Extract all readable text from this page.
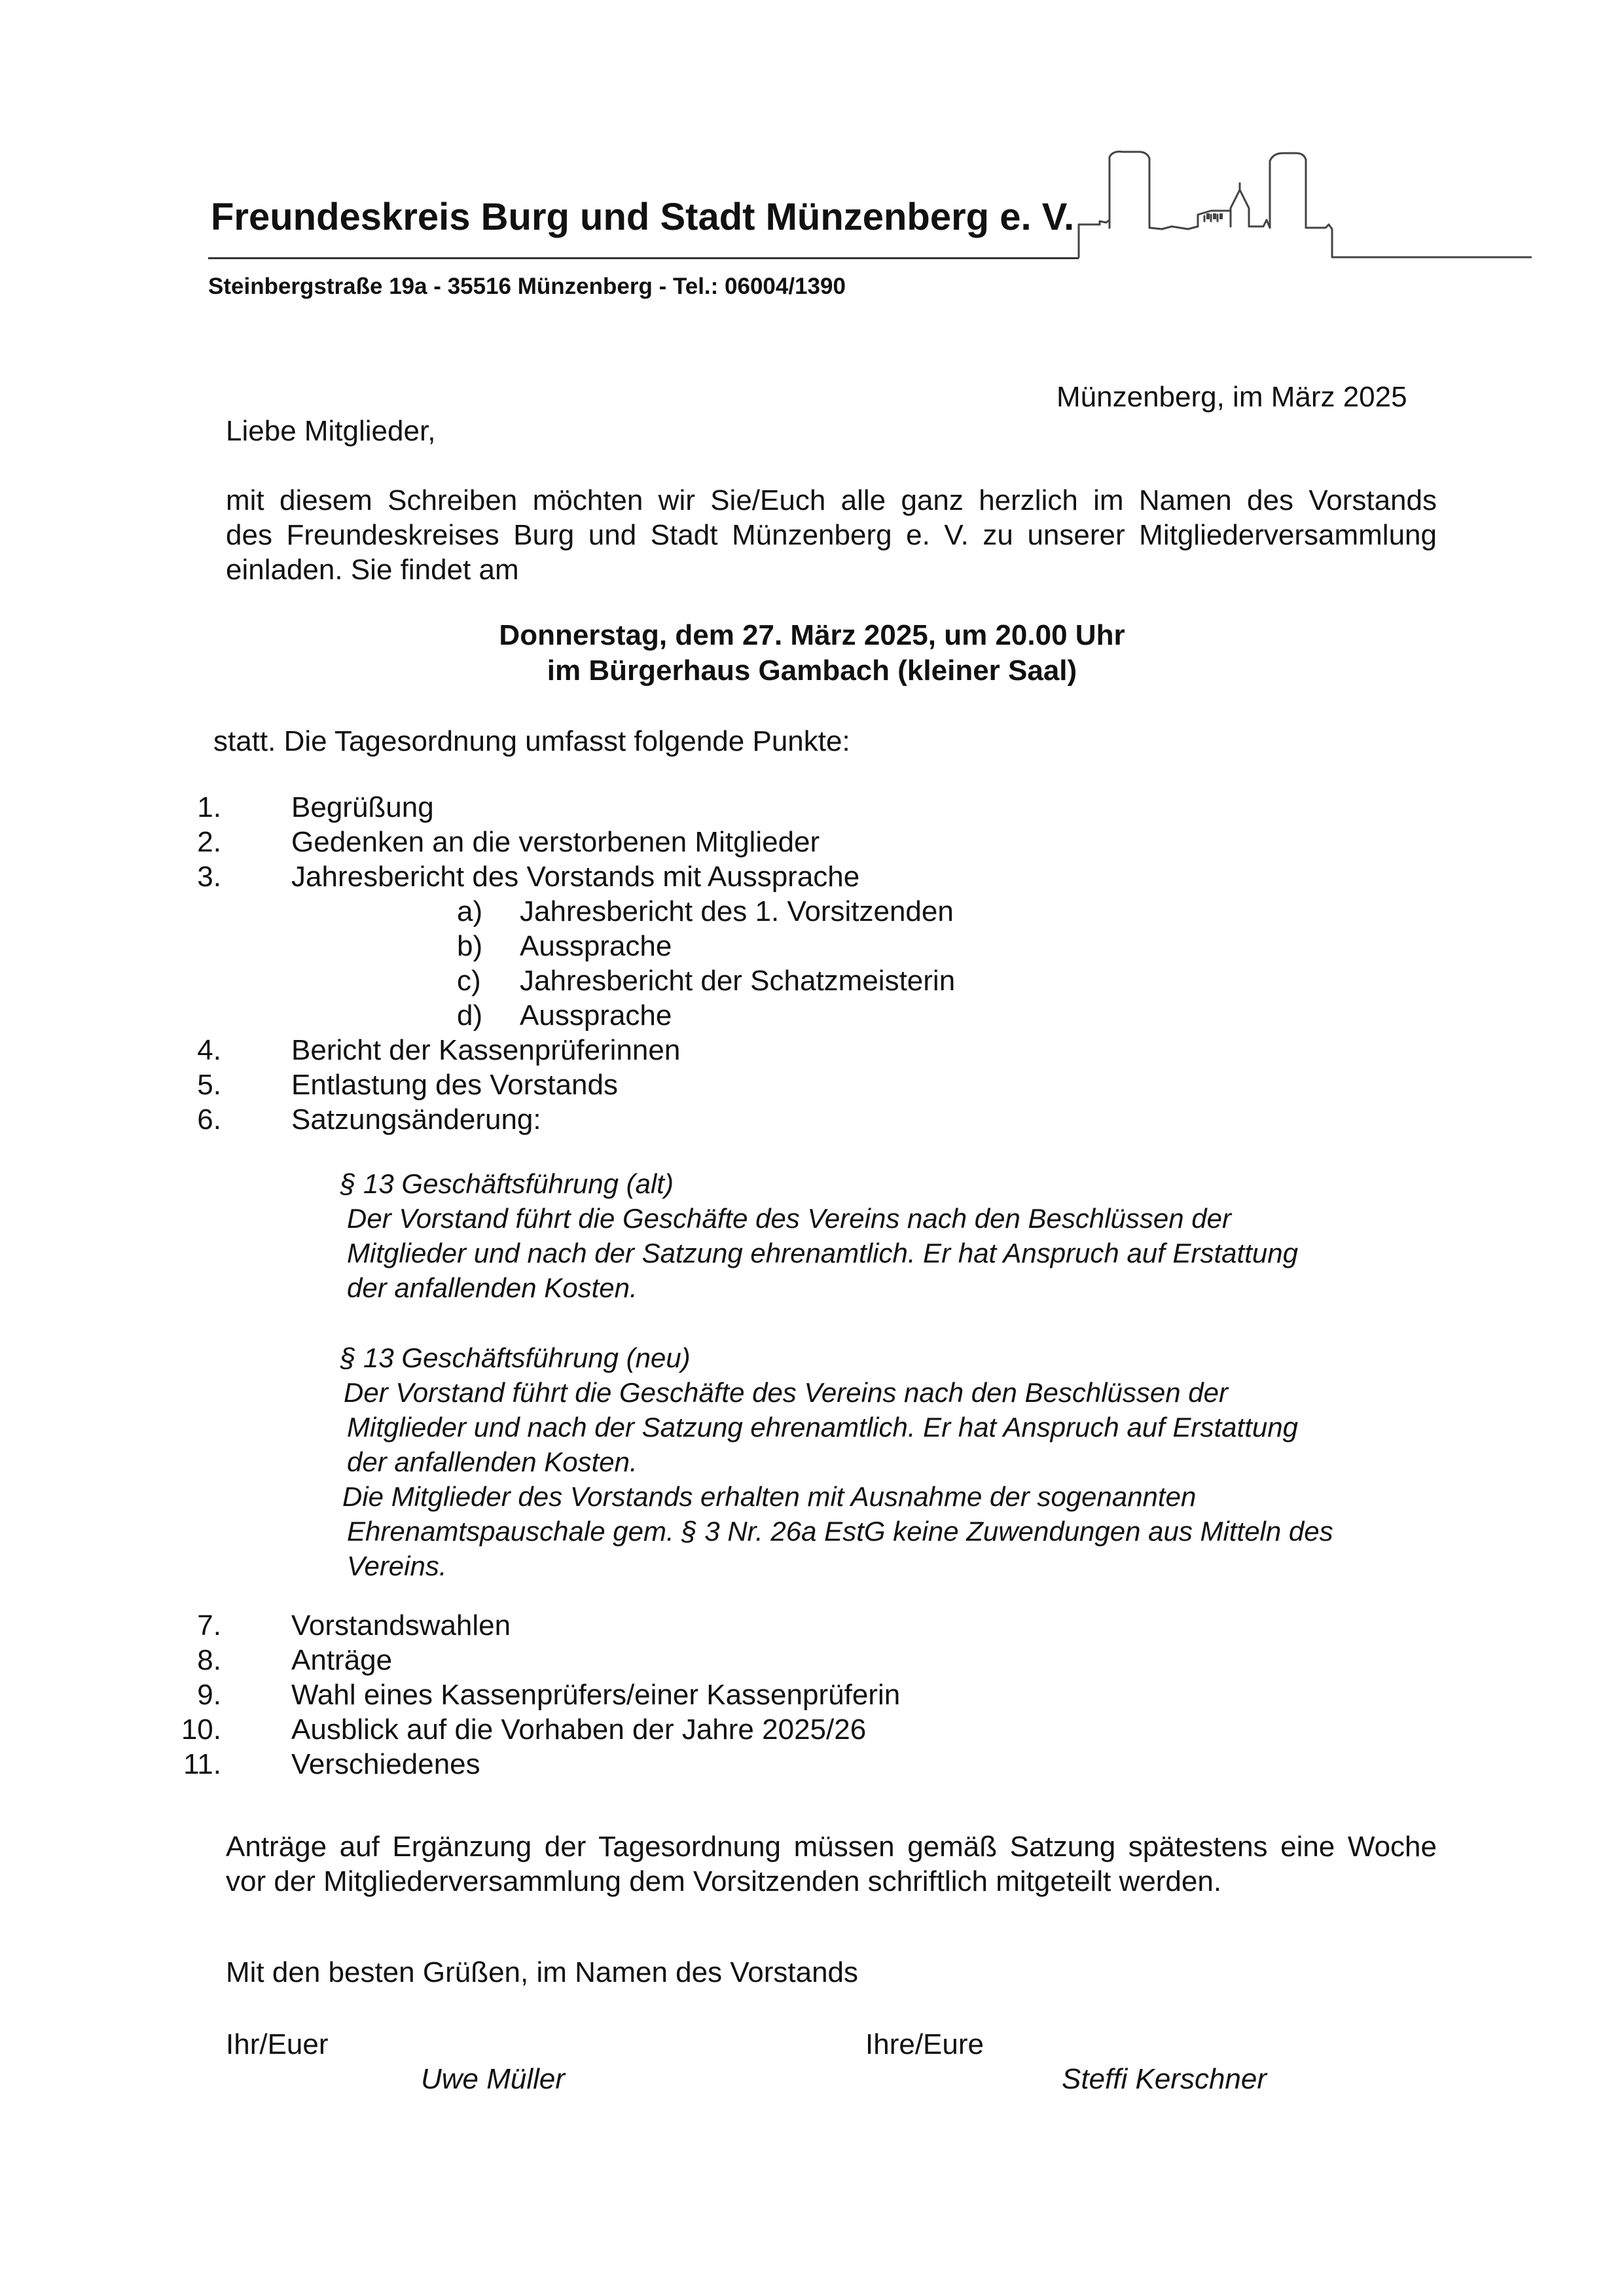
Freundeskreis Burg und Stadt Münzenberg e. V.
Steinbergstraße 19a - 35516 Münzenberg - Tel.: 06004/1390
Münzenberg, im März 2025
Liebe Mitglieder,
mit diesem Schreiben möchten wir Sie/Euch alle ganz herzlich im Namen des Vorstands
des Freundeskreises Burg und Stadt Münzenberg e. V. zu unserer Mitgliederversammlung
einladen. Sie findet am
Donnerstag, dem 27. März 2025, um 20.00 Uhr
im Bürgerhaus Gambach (kleiner Saal)
statt. Die Tagesordnung umfasst folgende Punkte:
1. Begrüßung
2. Gedenken an die verstorbenen Mitglieder
3. Jahresbericht des Vorstands mit Aussprache
a) Jahresbericht des 1. Vorsitzenden
b) Aussprache
c) Jahresbericht der Schatzmeisterin
d) Aussprache
4. Bericht der Kassenprüferinnen
5. Entlastung des Vorstands
6. Satzungsänderung:
§ 13 Geschäftsführung (alt)
Der Vorstand führt die Geschäfte des Vereins nach den Beschlüssen der
Mitglieder und nach der Satzung ehrenamtlich. Er hat Anspruch auf Erstattung
der anfallenden Kosten.
§ 13 Geschäftsführung (neu)
Der Vorstand führt die Geschäfte des Vereins nach den Beschlüssen der
Mitglieder und nach der Satzung ehrenamtlich. Er hat Anspruch auf Erstattung
der anfallenden Kosten.
Die Mitglieder des Vorstands erhalten mit Ausnahme der sogenannten
Ehrenamtspauschale gem. § 3 Nr. 26a EstG keine Zuwendungen aus Mitteln des
Vereins.
7. Vorstandswahlen
8. Anträge
9. Wahl eines Kassenprüfers/einer Kassenprüferin
10. Ausblick auf die Vorhaben der Jahre 2025/26
11. Verschiedenes
Anträge auf Ergänzung der Tagesordnung müssen gemäß Satzung spätestens eine Woche
vor der Mitgliederversammlung dem Vorsitzenden schriftlich mitgeteilt werden.
Mit den besten Grüßen, im Namen des Vorstands
Ihr/Euer	Ihre/Eure
Uwe Müller	Steffi Kerschner
